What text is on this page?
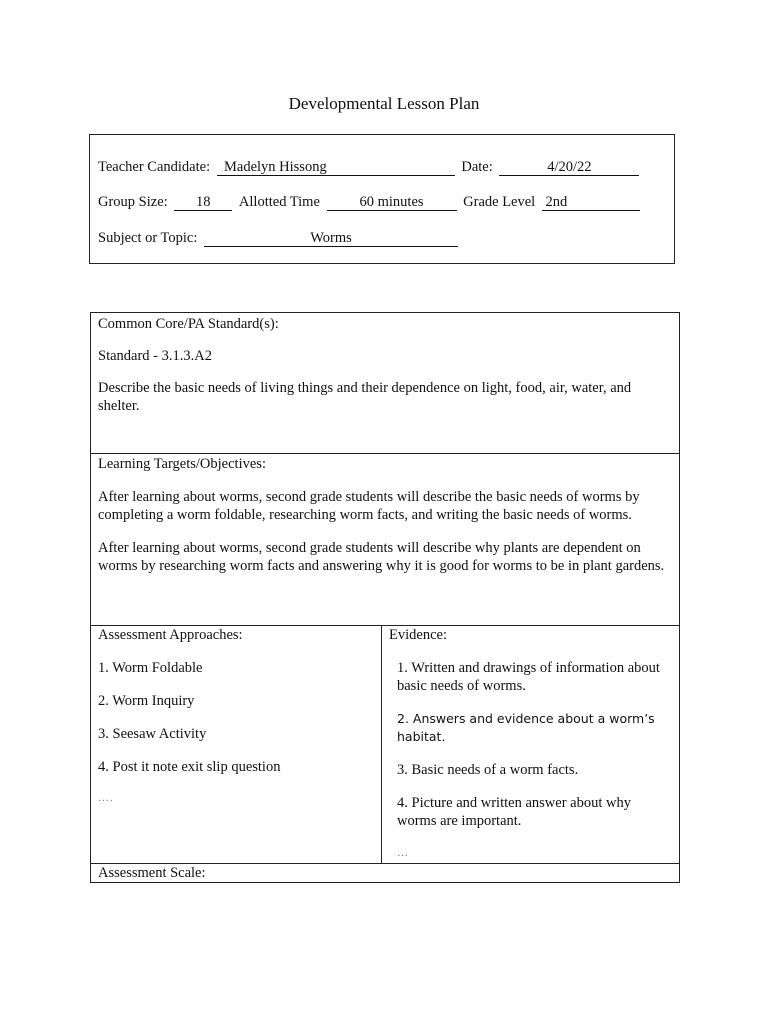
Developmental Lesson Plan
Teacher Candidate: Madelyn Hissong	Date:	4/20/22
Group Size: 18 Allotted Time	60 minutes	Grade Level 2nd
Subject or Topic:	Worms

Common Core/PA Standard(s):

Standard - 3.1.3.A2

Describe the basic needs of living things and their dependence on light, food, air, water, and shelter.

Learning Targets/Objectives:

After learning about worms, second grade students will describe the basic needs of worms by completing a worm foldable, researching worm facts, and writing the basic needs of worms.

After learning about worms, second grade students will describe why plants are dependent on worms by researching worm facts and answering why it is good for worms to be in plant gardens.

Assessment Approaches:

1. Worm Foldable

2. Worm Inquiry

3. Seesaw Activity

4. Post it note exit slip question

….

Evidence:

1. Written and drawings of information about basic needs of worms.

2. Answers and evidence about a worm’s habitat.

3. Basic needs of a worm facts.

4. Picture and written answer about why worms are important.

…

Assessment Scale:
